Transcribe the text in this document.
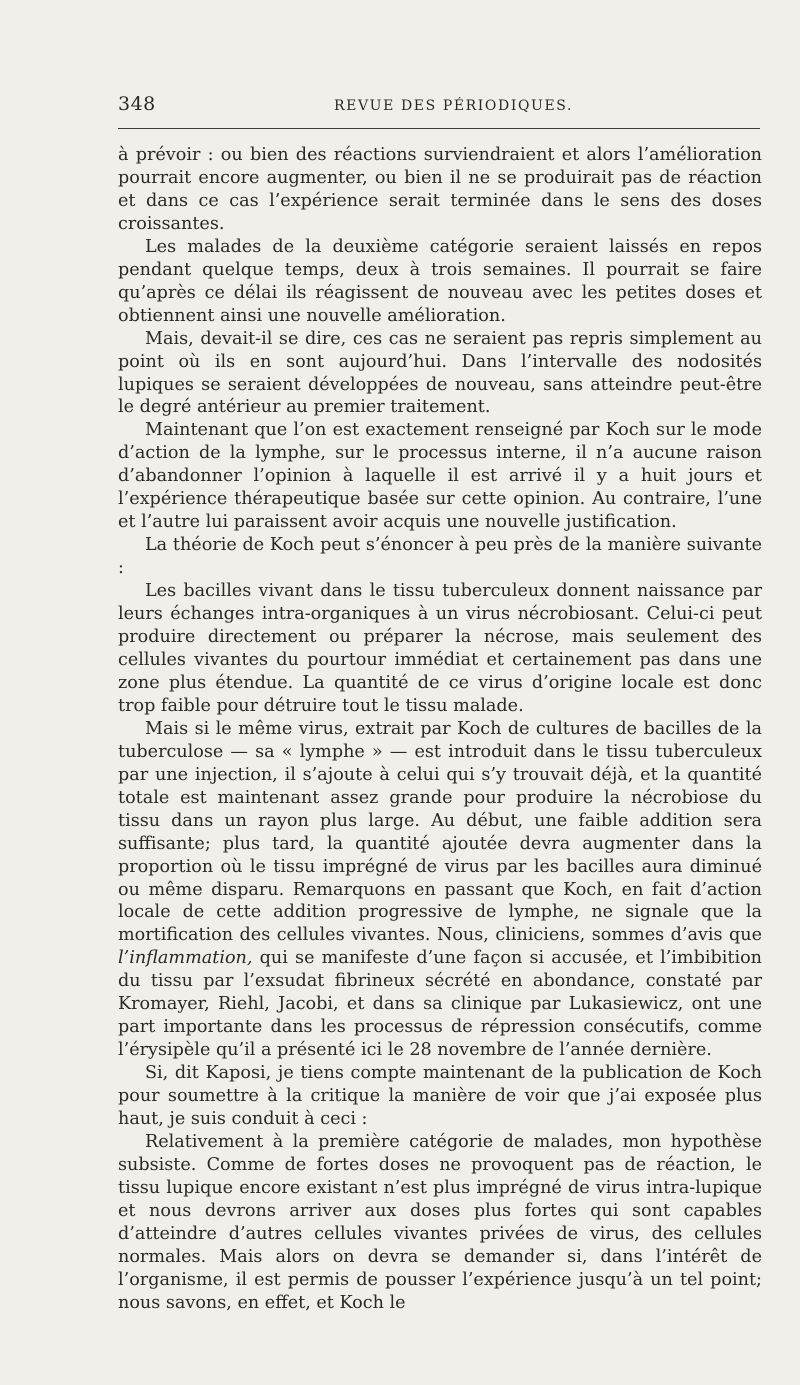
348	REVUE DES PÉRIODIQUES.

à prévoir : ou bien des réactions surviendraient et alors l’amélioration pourrait encore augmenter, ou bien il ne se produirait pas de réaction et dans ce cas l’expérience serait terminée dans le sens des doses croissantes.

Les malades de la deuxième catégorie seraient laissés en repos pendant quelque temps, deux à trois semaines. Il pourrait se faire qu’après ce délai ils réagissent de nouveau avec les petites doses et obtiennent ainsi une nouvelle amélioration.

Mais, devait-il se dire, ces cas ne seraient pas repris simplement au point où ils en sont aujourd’hui. Dans l’intervalle des nodosités lupiques se seraient développées de nouveau, sans atteindre peut-être le degré antérieur au premier traitement.

Maintenant que l’on est exactement renseigné par Koch sur le mode d’action de la lymphe, sur le processus interne, il n’a aucune raison d’abandonner l’opinion à laquelle il est arrivé il y a huit jours et l’expérience thérapeutique basée sur cette opinion. Au contraire, l’une et l’autre lui paraissent avoir acquis une nouvelle justification.

La théorie de Koch peut s’énoncer à peu près de la manière suivante :

Les bacilles vivant dans le tissu tuberculeux donnent naissance par leurs échanges intra-organiques à un virus nécrobiosant. Celui-ci peut produire directement ou préparer la nécrose, mais seulement des cellules vivantes du pourtour immédiat et certainement pas dans une zone plus étendue. La quantité de ce virus d’origine locale est donc trop faible pour détruire tout le tissu malade.

Mais si le même virus, extrait par Koch de cultures de bacilles de la tuberculose — sa « lymphe » — est introduit dans le tissu tuberculeux par une injection, il s’ajoute à celui qui s’y trouvait déjà, et la quantité totale est maintenant assez grande pour produire la nécrobiose du tissu dans un rayon plus large. Au début, une faible addition sera suffisante; plus tard, la quantité ajoutée devra augmenter dans la proportion où le tissu imprégné de virus par les bacilles aura diminué ou même disparu. Remarquons en passant que Koch, en fait d’action locale de cette addition progressive de lymphe, ne signale que la mortification des cellules vivantes. Nous, cliniciens, sommes d’avis que l’inflammation, qui se manifeste d’une façon si accusée, et l’imbibition du tissu par l’exsudat fibrineux sécrété en abondance, constaté par Kromayer, Riehl, Jacobi, et dans sa clinique par Lukasiewicz, ont une part importante dans les processus de répression consécutifs, comme l’érysipèle qu’il a présenté ici le 28 novembre de l’année dernière.

Si, dit Kaposi, je tiens compte maintenant de la publication de Koch pour soumettre à la critique la manière de voir que j’ai exposée plus haut, je suis conduit à ceci :

Relativement à la première catégorie de malades, mon hypothèse subsiste. Comme de fortes doses ne provoquent pas de réaction, le tissu lupique encore existant n’est plus imprégné de virus intra-lupique et nous devrons arriver aux doses plus fortes qui sont capables d’atteindre d’autres cellules vivantes privées de virus, des cellules normales. Mais alors on devra se demander si, dans l’intérêt de l’organisme, il est permis de pousser l’expérience jusqu’à un tel point; nous savons, en effet, et Koch le
